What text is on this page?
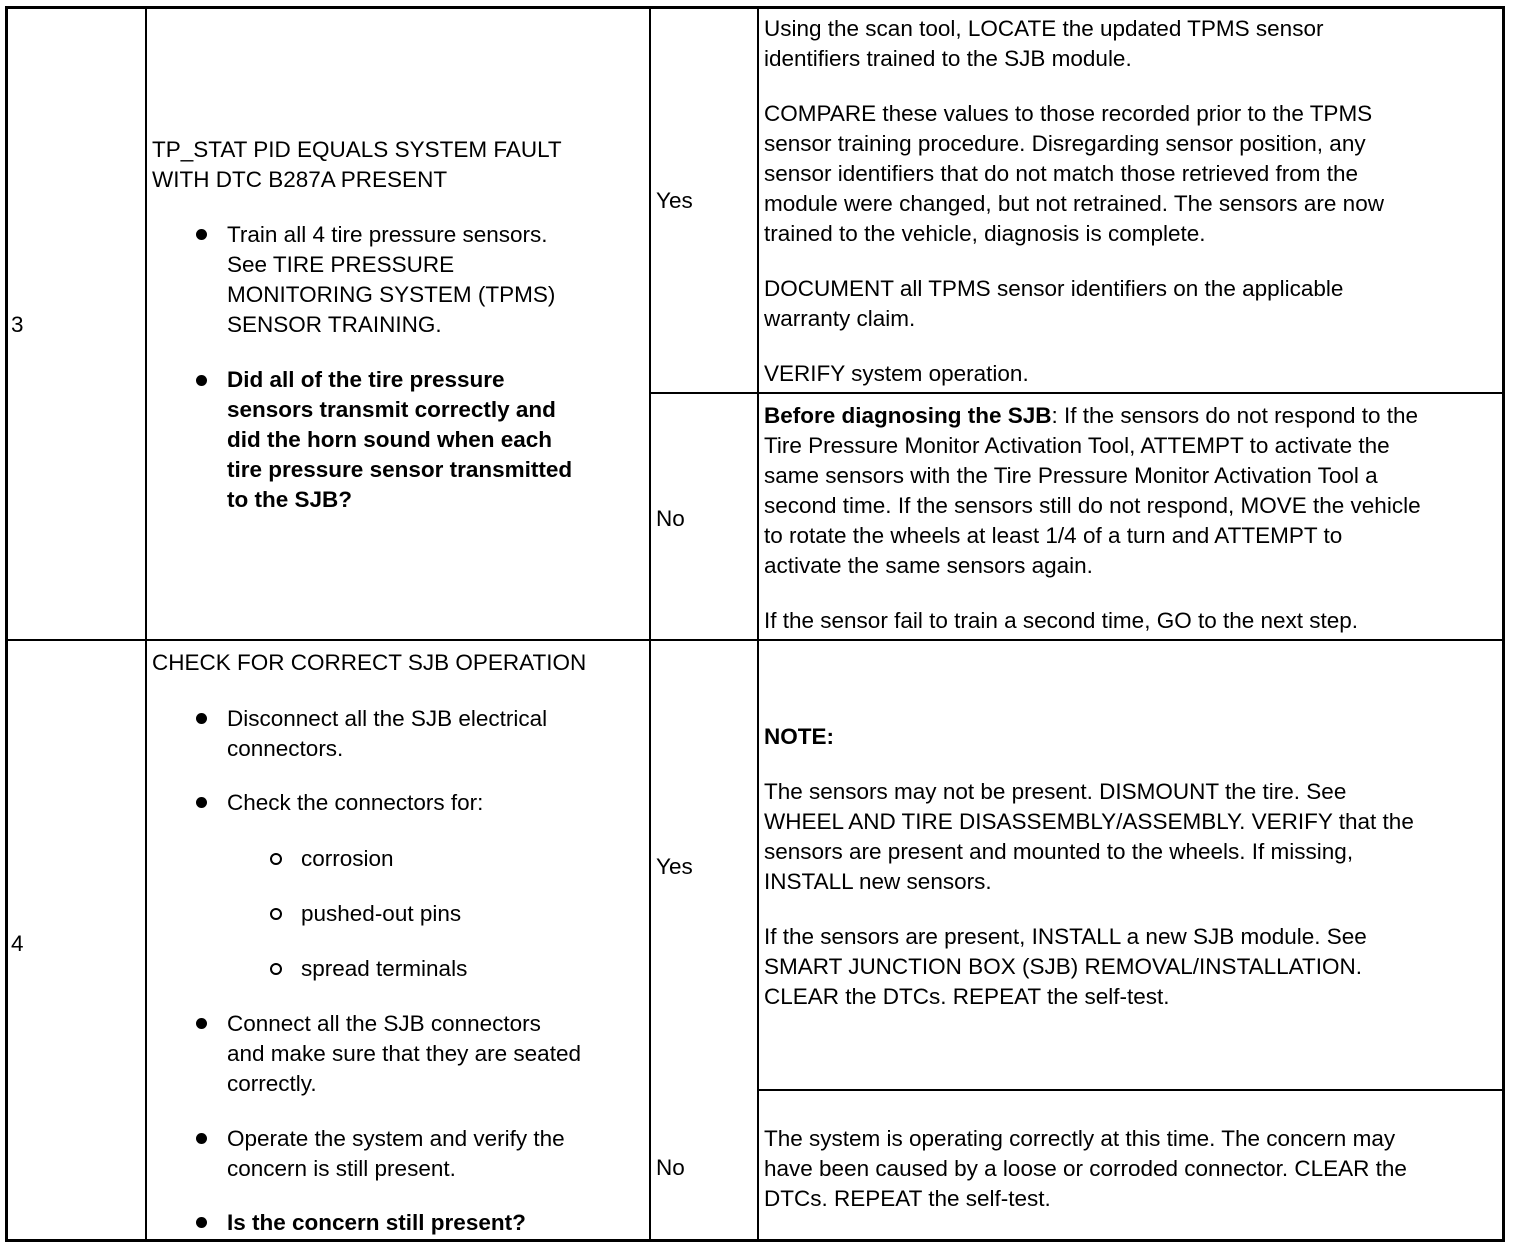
3

TP_STAT PID EQUALS SYSTEM FAULT

WITH DTC B287A PRESENT

Train all 4 tire pressure sensors.

See TIRE PRESSURE

MONITORING SYSTEM (TPMS)

SENSOR TRAINING.

Did all of the tire pressure

sensors transmit correctly and

did the horn sound when each

tire pressure sensor transmitted

to the SJB?

Yes

Using the scan tool, LOCATE the updated TPMS sensor

identifiers trained to the SJB module.

COMPARE these values to those recorded prior to the TPMS

sensor training procedure. Disregarding sensor position, any

sensor identifiers that do not match those retrieved from the

module were changed, but not retrained. The sensors are now

trained to the vehicle, diagnosis is complete.

DOCUMENT all TPMS sensor identifiers on the applicable

warranty claim.

VERIFY system operation.

No

Before diagnosing the SJB: If the sensors do not respond to the

Tire Pressure Monitor Activation Tool, ATTEMPT to activate the

same sensors with the Tire Pressure Monitor Activation Tool a

second time. If the sensors still do not respond, MOVE the vehicle

to rotate the wheels at least 1/4 of a turn and ATTEMPT to

activate the same sensors again.

If the sensor fail to train a second time, GO to the next step.

4

CHECK FOR CORRECT SJB OPERATION

Disconnect all the SJB electrical

connectors.

Check the connectors for:

corrosion

pushed-out pins

spread terminals

Connect all the SJB connectors

and make sure that they are seated

correctly.

Operate the system and verify the

concern is still present.

Is the concern still present?

Yes

NOTE:

The sensors may not be present. DISMOUNT the tire. See

WHEEL AND TIRE DISASSEMBLY/ASSEMBLY. VERIFY that the

sensors are present and mounted to the wheels. If missing,

INSTALL new sensors.

If the sensors are present, INSTALL a new SJB module. See

SMART JUNCTION BOX (SJB) REMOVAL/INSTALLATION.

CLEAR the DTCs. REPEAT the self-test.

No

The system is operating correctly at this time. The concern may

have been caused by a loose or corroded connector. CLEAR the

DTCs. REPEAT the self-test.
